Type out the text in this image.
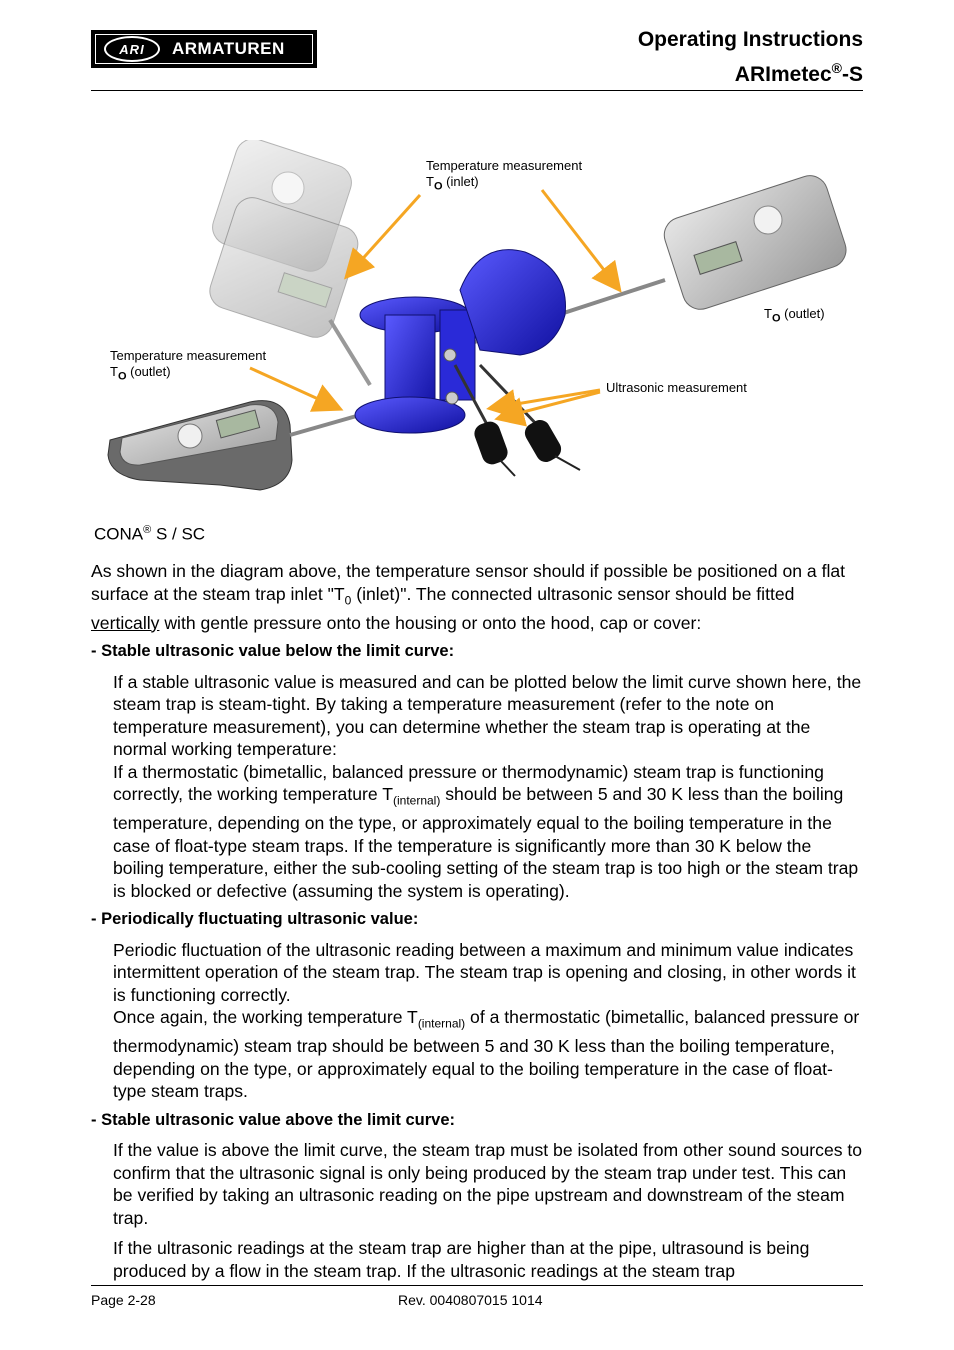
ARI	ARMATUREN	Operating Instructions
ARImetec®-S
Temperature measurement
$T_O$ (inlet)
$T_O$ (outlet)
Temperature measurement
$T_O$ (outlet)
Ultrasonic measurement
CONA® S / SC

As shown in the diagram above, the temperature sensor should if possible be positioned on a flat surface at the steam trap inlet "$T_0$ (inlet)". The connected ultrasonic sensor should be fitted vertically with gentle pressure onto the housing or onto the hood, cap or cover:

- Stable ultrasonic value below the limit curve:

If a stable ultrasonic value is measured and can be plotted below the limit curve shown here, the steam trap is steam-tight. By taking a temperature measurement (refer to the note on temperature measurement), you can determine whether the steam trap is operating at the normal working temperature:

If a thermostatic (bimetallic, balanced pressure or thermodynamic) steam trap is functioning correctly, the working temperature $T_{(internal)}$ should be between 5 and 30 K less than the boiling temperature, depending on the type, or approximately equal to the boiling temperature in the case of float-type steam traps. If the temperature is significantly more than 30 K below the boiling temperature, either the sub-cooling setting of the steam trap is too high or the steam trap is blocked or defective (assuming the system is operating).

- Periodically fluctuating ultrasonic value:

Periodic fluctuation of the ultrasonic reading between a maximum and minimum value indicates intermittent operation of the steam trap. The steam trap is opening and closing, in other words it is functioning correctly.

Once again, the working temperature $T_{(internal)}$ of a thermostatic (bimetallic, balanced pressure or thermodynamic) steam trap should be between 5 and 30 K less than the boiling temperature, depending on the type, or approximately equal to the boiling temperature in the case of float-type steam traps.

- Stable ultrasonic value above the limit curve:

If the value is above the limit curve, the steam trap must be isolated from other sound sources to confirm that the ultrasonic signal is only being produced by the steam trap under test. This can be verified by taking an ultrasonic reading on the pipe upstream and downstream of the steam trap.

If the ultrasonic readings at the steam trap are higher than at the pipe, ultrasound is being produced by a flow in the steam trap. If the ultrasonic readings at the steam trap

Page 2-28	Rev. 0040807015 1014
